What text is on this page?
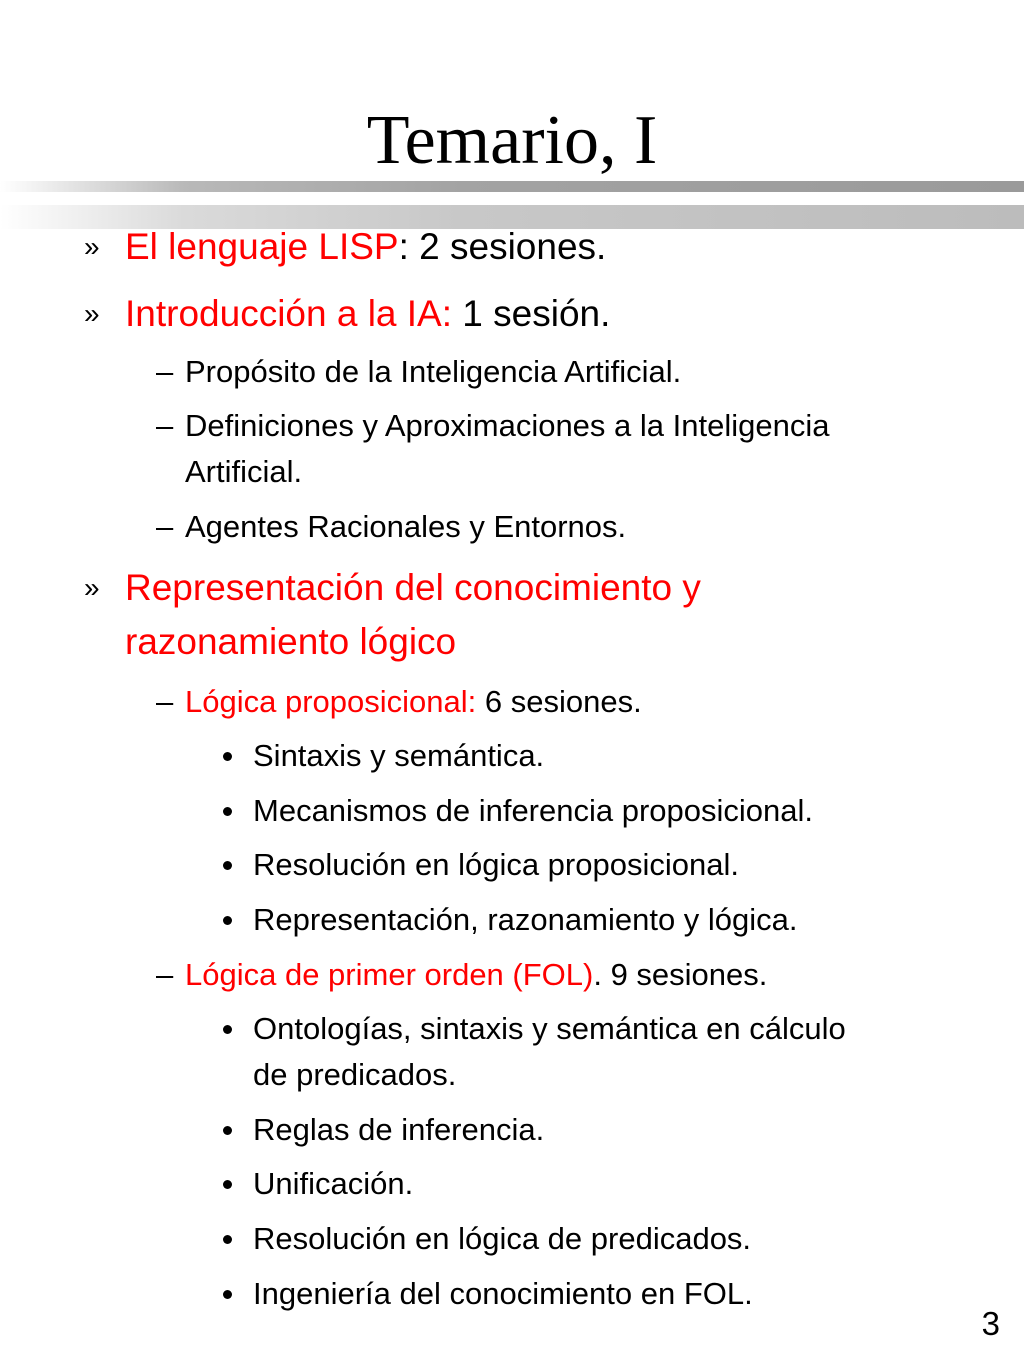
Temario, I
» El lenguaje LISP: 2 sesiones.
» Introducción a la IA: 1 sesión.
– Propósito de la Inteligencia Artificial.
– Definiciones y Aproximaciones a la Inteligencia
Artificial.
– Agentes Racionales y Entornos.
» Representación del conocimiento y
razonamiento lógico
– Lógica proposicional: 6 sesiones.
Sintaxis y semántica.
Mecanismos de inferencia proposicional.
Resolución en lógica proposicional.
Representación, razonamiento y lógica.
– Lógica de primer orden (FOL). 9 sesiones.
Ontologías, sintaxis y semántica en cálculo
de predicados.
Reglas de inferencia.
Unificación.
Resolución en lógica de predicados.
Ingeniería del conocimiento en FOL.
3
